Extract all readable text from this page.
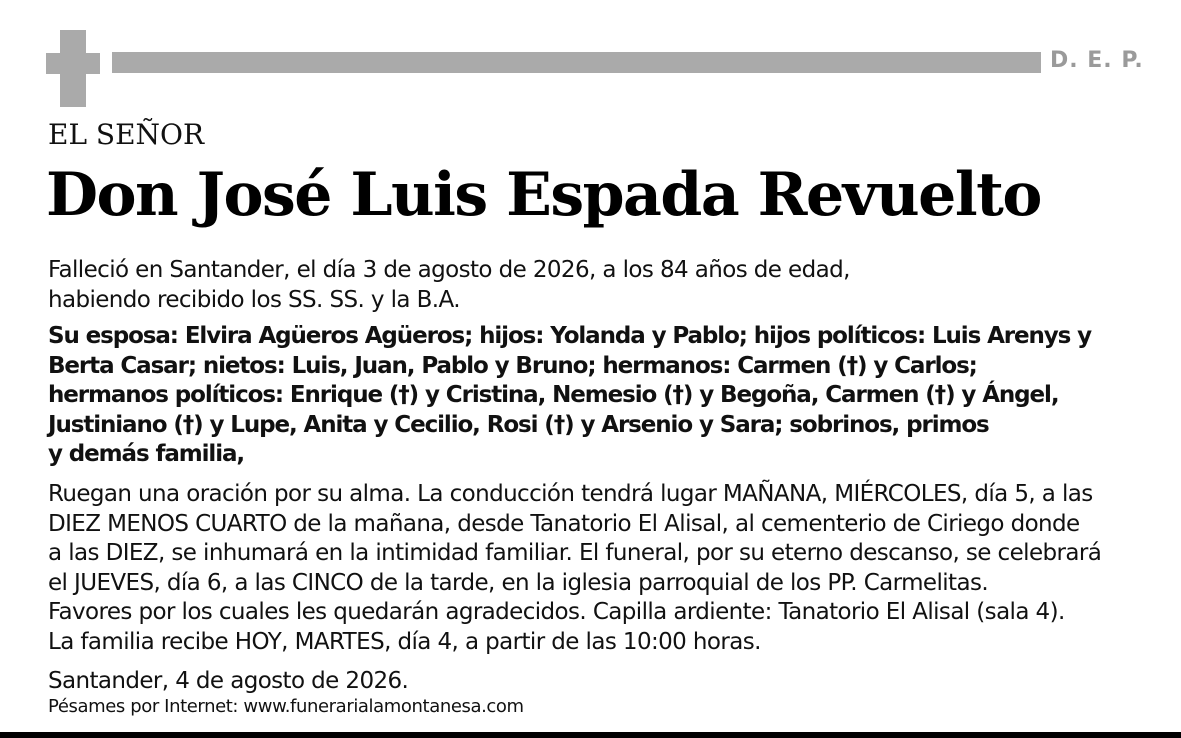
D. E. P.
EL SEÑOR
Don José Luis Espada Revuelto

Falleció en Santander, el día 3 de agosto de 2026, a los 84 años de edad,
habiendo recibido los SS. SS. y la B.A.

Su esposa: Elvira Agüeros Agüeros; hijos: Yolanda y Pablo; hijos políticos: Luis Arenys y
Berta Casar; nietos: Luis, Juan, Pablo y Bruno; hermanos: Carmen (†) y Carlos;
hermanos políticos: Enrique (†) y Cristina, Nemesio (†) y Begoña, Carmen (†) y Ángel,
Justiniano (†) y Lupe, Anita y Cecilio, Rosi (†) y Arsenio y Sara; sobrinos, primos
y demás familia,

Ruegan una oración por su alma. La conducción tendrá lugar MAÑANA, MIÉRCOLES, día 5, a las
DIEZ MENOS CUARTO de la mañana, desde Tanatorio El Alisal, al cementerio de Ciriego donde
a las DIEZ, se inhumará en la intimidad familiar. El funeral, por su eterno descanso, se celebrará
el JUEVES, día 6, a las CINCO de la tarde, en la iglesia parroquial de los PP. Carmelitas.
Favores por los cuales les quedarán agradecidos. Capilla ardiente: Tanatorio El Alisal (sala 4).
La familia recibe HOY, MARTES, día 4, a partir de las 10:00 horas.

Santander, 4 de agosto de 2026.

Pésames por Internet: www.funerarialamontanesa.com
